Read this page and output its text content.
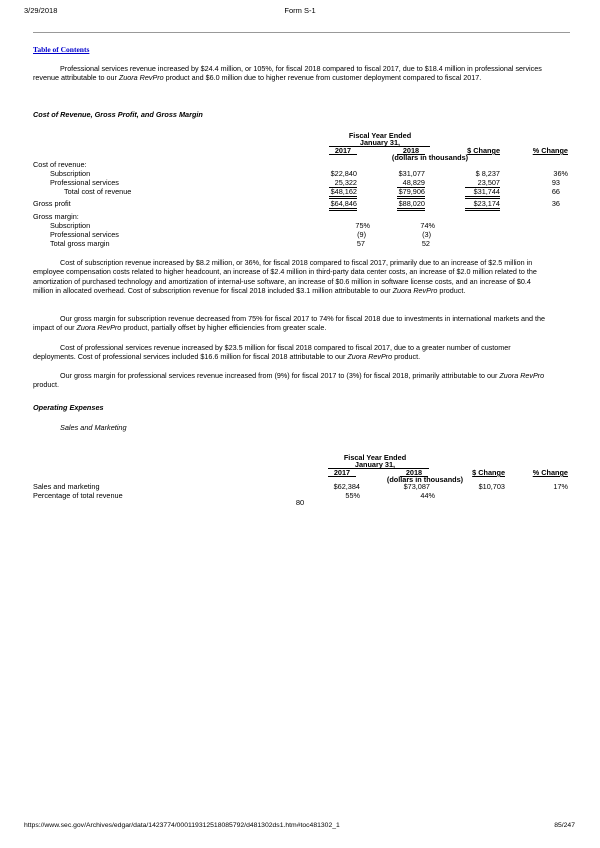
3/29/2018	Form S-1
Table of Contents

Professional services revenue increased by $24.4 million, or 105%, for fiscal 2018 compared to fiscal 2017, due to $18.4 million in professional services revenue attributable to our Zuora RevPro product and $6.0 million due to higher revenue from customer deployment compared to fiscal 2017.

Cost of Revenue, Gross Profit, and Gross Margin
Fiscal Year Ended
January 31,
2017	2018	$ Change	% Change
(dollars in thousands)
Cost of revenue:
Subscription	$22,840	$31,077	$ 8,237	36%
Professional services	25,322	48,829	23,507	93
Total cost of revenue	$48,162	$79,906	$31,744	66
Gross profit	$64,846	$88,020	$23,174	36
Gross margin:
Subscription	75%	74%
Professional services	(9)	(3)
Total gross margin	57	52

Cost of subscription revenue increased by $8.2 million, or 36%, for fiscal 2018 compared to fiscal 2017, primarily due to an increase of $2.5 million in employee compensation costs related to higher headcount, an increase of $2.4 million in third-party data center costs, an increase of $2.0 million related to the amortization of purchased technology and amortization of internal-use software, an increase of $0.6 million in software license costs, and an increase of $0.4 million in allocated overhead. Cost of subscription revenue for fiscal 2018 included $3.1 million attributable to our Zuora RevPro product.

Our gross margin for subscription revenue decreased from 75% for fiscal 2017 to 74% for fiscal 2018 due to investments in international markets and the impact of our Zuora RevPro product, partially offset by higher efficiencies from greater scale.

Cost of professional services revenue increased by $23.5 million for fiscal 2018 compared to fiscal 2017, due to a greater number of customer deployments. Cost of professional services included $16.6 million for fiscal 2018 attributable to our Zuora RevPro product.

Our gross margin for professional services revenue increased from (9%) for fiscal 2017 to (3%) for fiscal 2018, primarily attributable to our Zuora RevPro product.

Operating Expenses
Sales and Marketing
Fiscal Year Ended
January 31,
2017	2018	$ Change	% Change
(dollars in thousands)
Sales and marketing	$62,384	$73,087	$10,703	17%
Percentage of total revenue	55%	44%
80
https://www.sec.gov/Archives/edgar/data/1423774/000119312518085792/d481302ds1.htm#toc481302_1	85/247
